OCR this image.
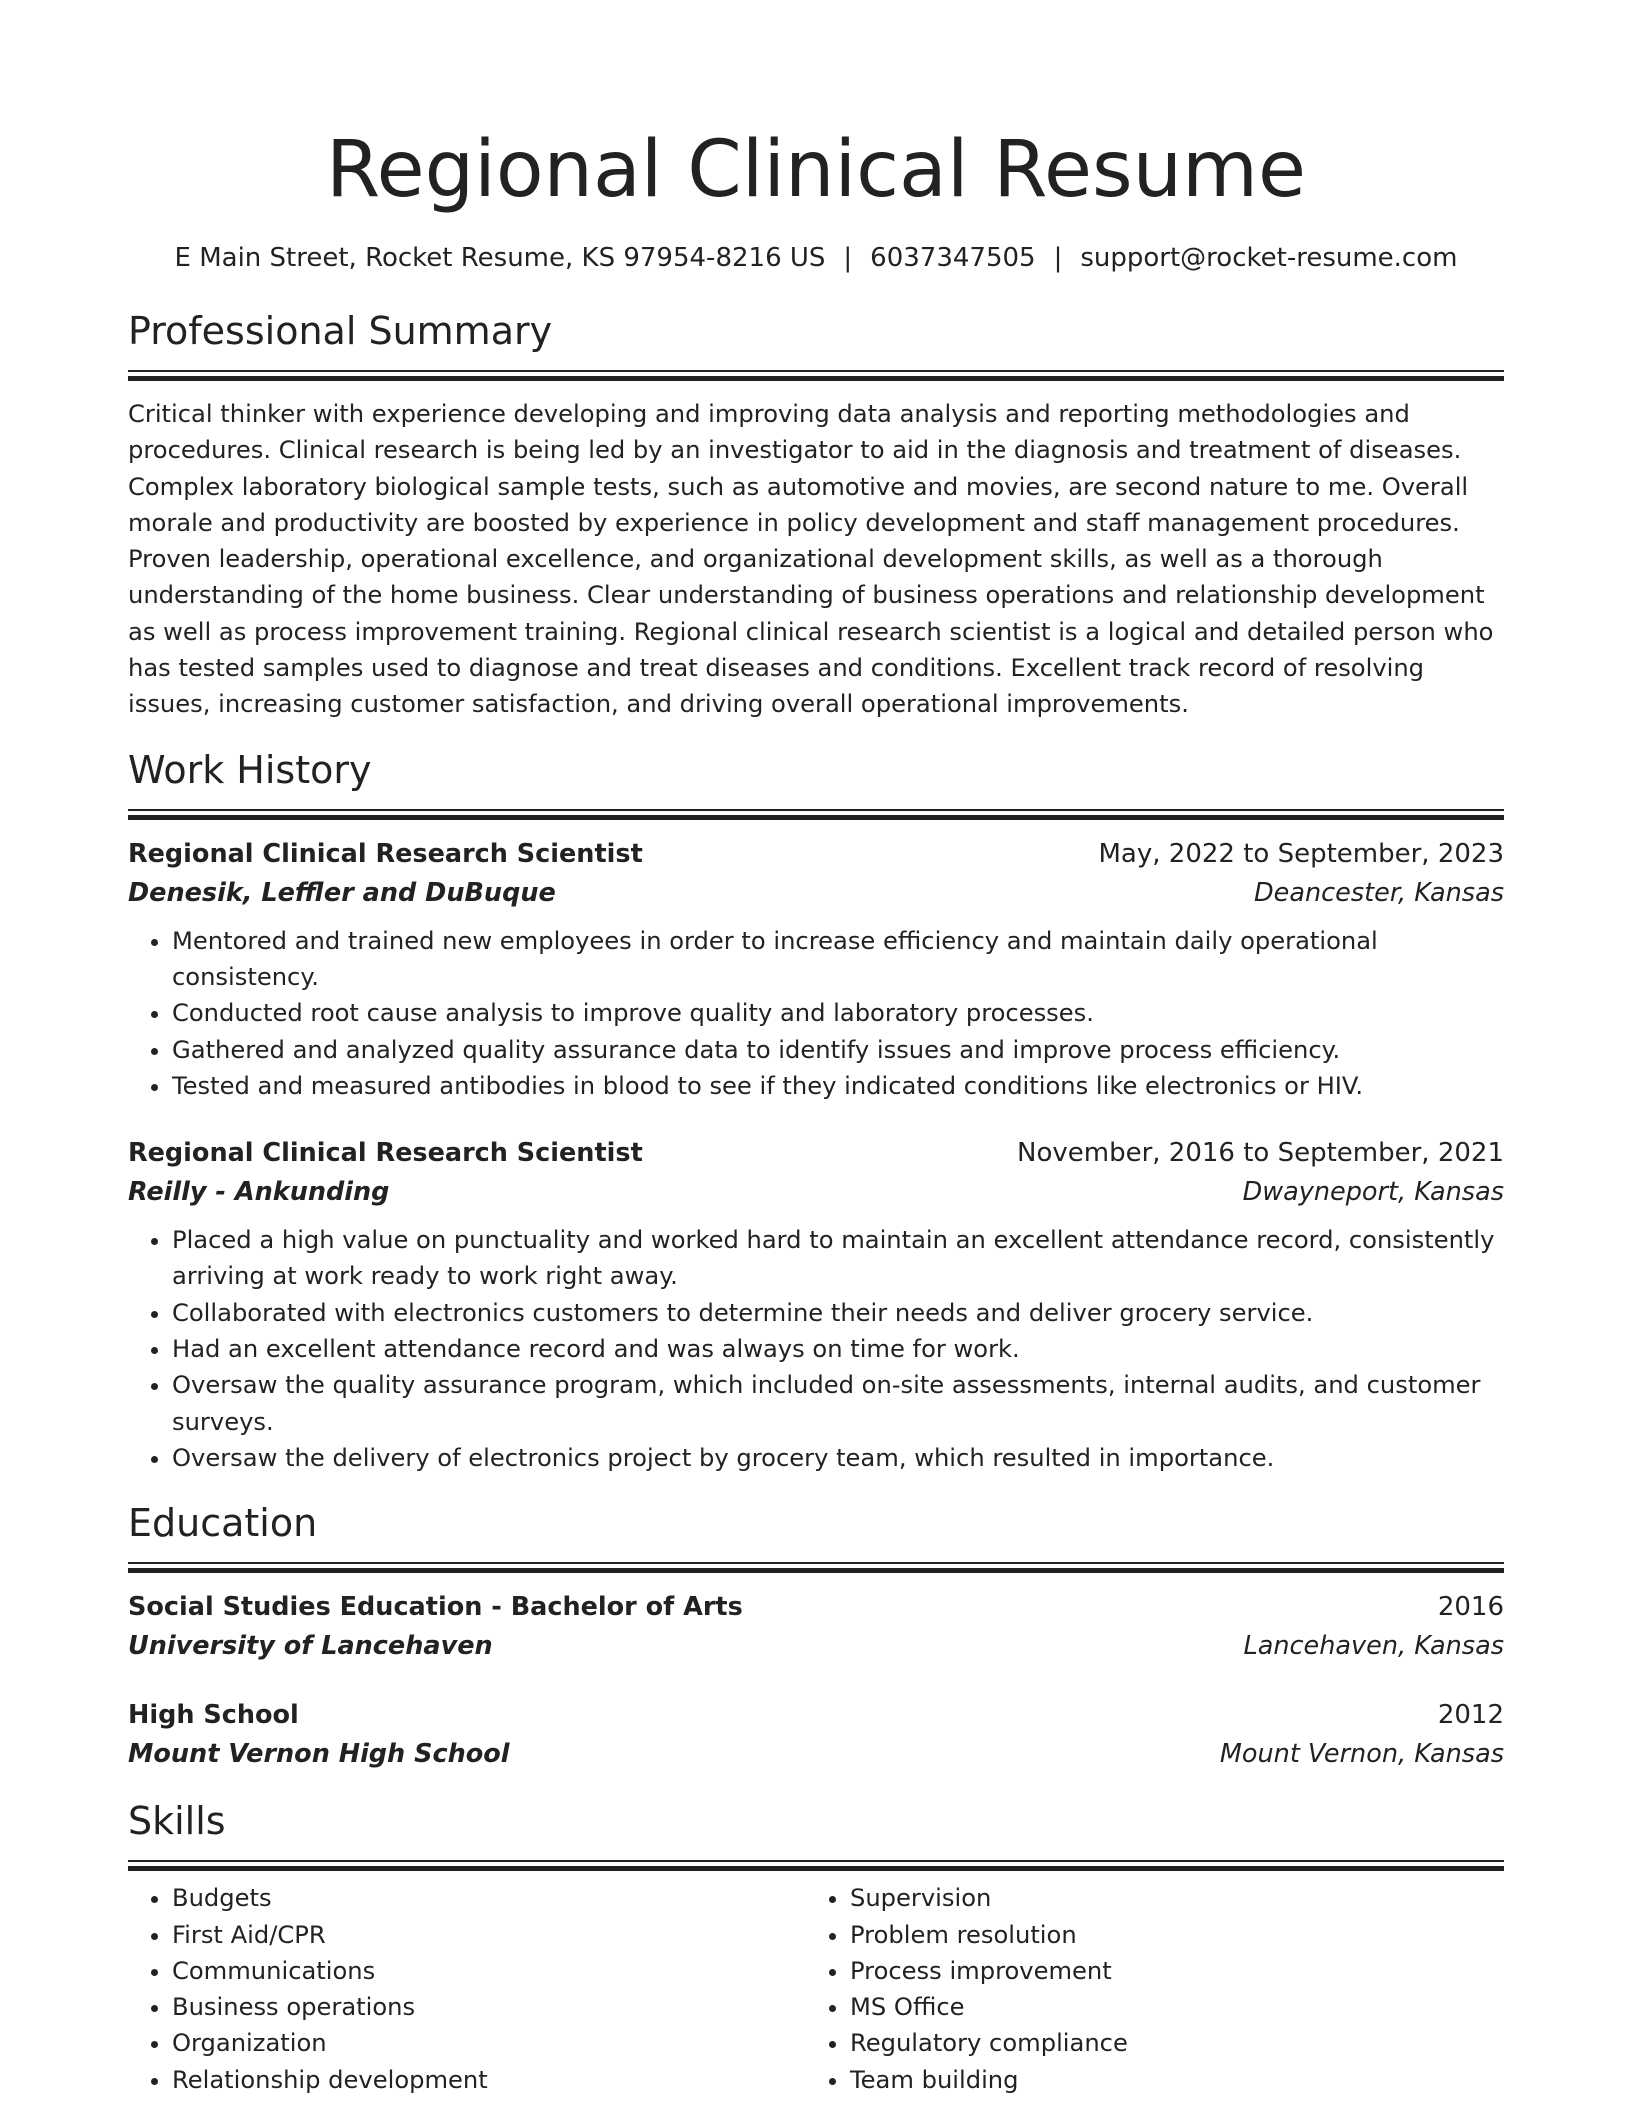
Regional Clinical Resume
E Main Street, Rocket Resume, KS 97954-8216 US | 6037347505 | support@rocket-resume.com
Professional Summary

Critical thinker with experience developing and improving data analysis and reporting methodologies and procedures. Clinical research is being led by an investigator to aid in the diagnosis and treatment of diseases. Complex laboratory biological sample tests, such as automotive and movies, are second nature to me. Overall morale and productivity are boosted by experience in policy development and staff management procedures. Proven leadership, operational excellence, and organizational development skills, as well as a thorough understanding of the home business. Clear understanding of business operations and relationship development as well as process improvement training. Regional clinical research scientist is a logical and detailed person who has tested samples used to diagnose and treat diseases and conditions. Excellent track record of resolving issues, increasing customer satisfaction, and driving overall operational improvements.

Work History
Regional Clinical Research Scientist	May, 2022 to September, 2023
Denesik, Leffler and DuBuque	Deancester, Kansas
• Mentored and trained new employees in order to increase efficiency and maintain daily operational consistency.
• Conducted root cause analysis to improve quality and laboratory processes.
• Gathered and analyzed quality assurance data to identify issues and improve process efficiency.
• Tested and measured antibodies in blood to see if they indicated conditions like electronics or HIV.
Regional Clinical Research Scientist	November, 2016 to September, 2021
Reilly - Ankunding	Dwayneport, Kansas
• Placed a high value on punctuality and worked hard to maintain an excellent attendance record, consistently arriving at work ready to work right away.
• Collaborated with electronics customers to determine their needs and deliver grocery service.
• Had an excellent attendance record and was always on time for work.
• Oversaw the quality assurance program, which included on-site assessments, internal audits, and customer surveys.
• Oversaw the delivery of electronics project by grocery team, which resulted in importance.
Education
Social Studies Education - Bachelor of Arts	2016
University of Lancehaven	Lancehaven, Kansas
High School	2012
Mount Vernon High School	Mount Vernon, Kansas
Skills
• Budgets
• First Aid/CPR
• Communications
• Business operations
• Organization
• Relationship development
• Supervision
• Problem resolution
• Process improvement
• MS Office
• Regulatory compliance
• Team building
